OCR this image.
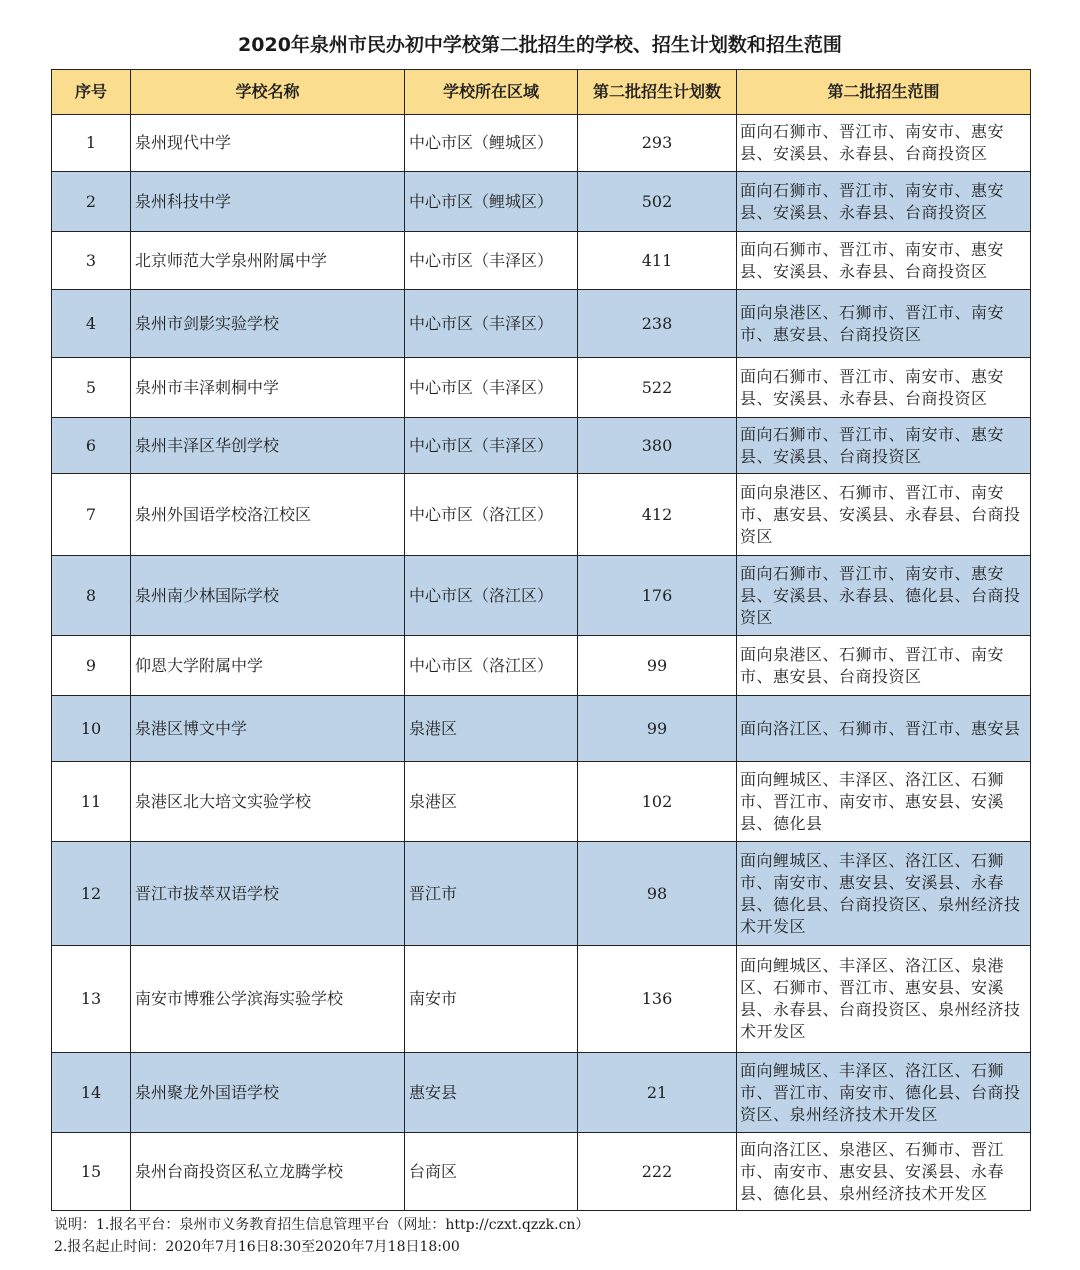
2020年泉州市民办初中学校第二批招生的学校、招生计划数和招生范围
序号	学校名称	学校所在区域	第二批招生计划数	第二批招生范围
1	泉州现代中学	中心市区（鲤城区）	293	面向石狮市、晋江市、南安市、惠安县、安溪县、永春县、台商投资区
2	泉州科技中学	中心市区（鲤城区）	502	面向石狮市、晋江市、南安市、惠安县、安溪县、永春县、台商投资区
3	北京师范大学泉州附属中学	中心市区（丰泽区）	411	面向石狮市、晋江市、南安市、惠安县、安溪县、永春县、台商投资区
4	泉州市剑影实验学校	中心市区（丰泽区）	238	面向泉港区、石狮市、晋江市、南安市、惠安县、台商投资区
5	泉州市丰泽刺桐中学	中心市区（丰泽区）	522	面向石狮市、晋江市、南安市、惠安县、安溪县、永春县、台商投资区
6	泉州丰泽区华创学校	中心市区（丰泽区）	380	面向石狮市、晋江市、南安市、惠安县、安溪县、台商投资区
7	泉州外国语学校洛江校区	中心市区（洛江区）	412	面向泉港区、石狮市、晋江市、南安市、惠安县、安溪县、永春县、台商投资区
8	泉州南少林国际学校	中心市区（洛江区）	176	面向石狮市、晋江市、南安市、惠安县、安溪县、永春县、德化县、台商投资区
9	仰恩大学附属中学	中心市区（洛江区）	99	面向泉港区、石狮市、晋江市、南安市、惠安县、台商投资区
10	泉港区博文中学	泉港区	99	面向洛江区、石狮市、晋江市、惠安县
11	泉港区北大培文实验学校	泉港区	102	面向鲤城区、丰泽区、洛江区、石狮市、晋江市、南安市、惠安县、安溪县、德化县
12	晋江市拔萃双语学校	晋江市	98	面向鲤城区、丰泽区、洛江区、石狮市、南安市、惠安县、安溪县、永春县、德化县、台商投资区、泉州经济技术开发区
13	南安市博雅公学滨海实验学校	南安市	136	面向鲤城区、丰泽区、洛江区、泉港区、石狮市、晋江市、惠安县、安溪县、永春县、台商投资区、泉州经济技术开发区
14	泉州聚龙外国语学校	惠安县	21	面向鲤城区、丰泽区、洛江区、石狮市、晋江市、南安市、德化县、台商投资区、泉州经济技术开发区
15	泉州台商投资区私立龙腾学校	台商区	222	面向洛江区、泉港区、石狮市、晋江市、南安市、惠安县、安溪县、永春县、德化县、泉州经济技术开发区
说明：1.报名平台：泉州市义务教育招生信息管理平台（网址：http://czxt.qzzk.cn）
2.报名起止时间：2020年7月16日8:30至2020年7月18日18:00
